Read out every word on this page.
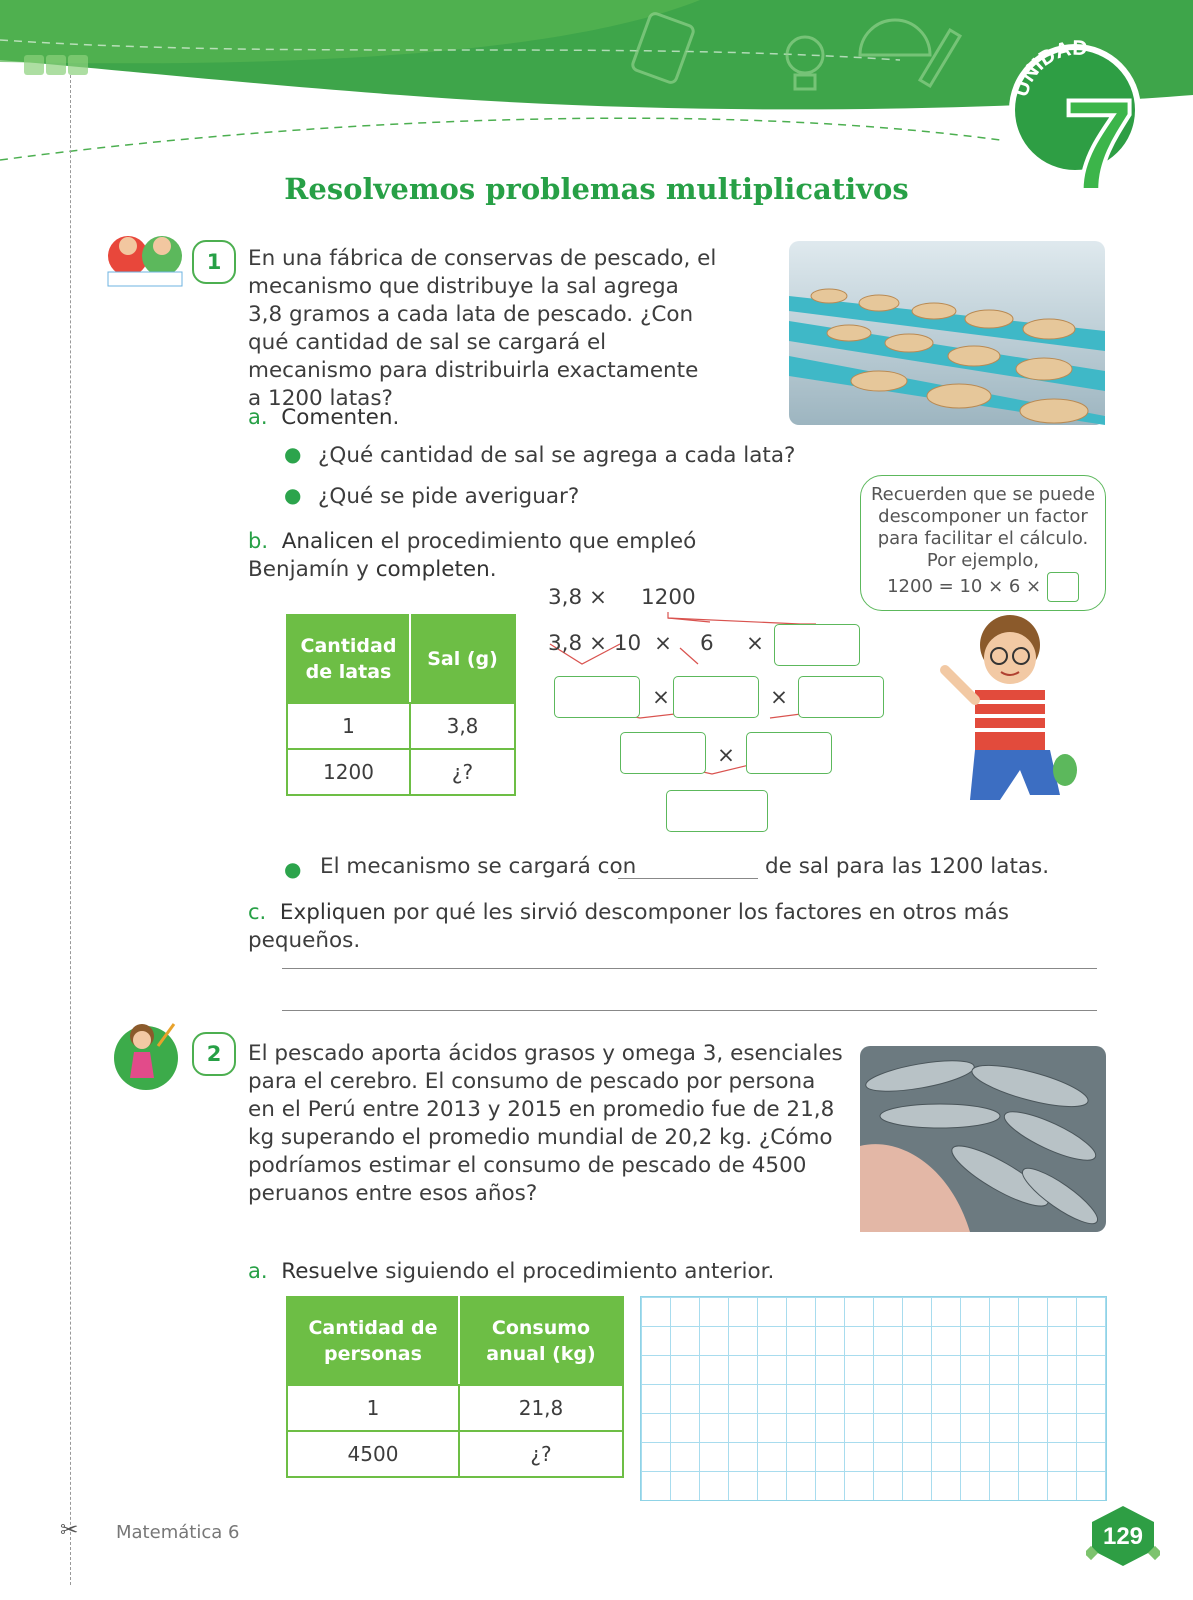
UNIDAD
7
Resolvemos problemas multiplicativos
1	En una fábrica de conservas de pescado, el mecanismo que distribuye la sal agrega 3,8 gramos a cada lata de pescado. ¿Con qué cantidad de sal se cargará el mecanismo para distribuirla exactamente a 1200 latas?
a. Comenten.
● ¿Qué cantidad de sal se agrega a cada lata?
● ¿Qué se pide averiguar?
b. Analicen el procedimiento que empleó Benjamín y completen.
Cantidad de latas	Sal (g)
1	3,8
1200	¿?
3,8 × 1200
3,8 × 10 × 6 ×
×	×
×
Recuerden que se puede
descomponer un factor
para facilitar el cálculo.
Por ejemplo,
1200 = 10 × 6 ×
● El mecanismo se cargará con	de sal para las 1200 latas.
c. Expliquen por qué les sirvió descomponer los factores en otros más pequeños.
2	El pescado aporta ácidos grasos y omega 3, esenciales para el cerebro. El consumo de pescado por persona en el Perú entre 2013 y 2015 en promedio fue de 21,8 kg superando el promedio mundial de 20,2 kg. ¿Cómo podríamos estimar el consumo de pescado de 4500 peruanos entre esos años?
a. Resuelve siguiendo el procedimiento anterior.
Cantidad de personas	Consumo anual (kg)
1	21,8
4500	¿?
✂ Matemática 6	129
